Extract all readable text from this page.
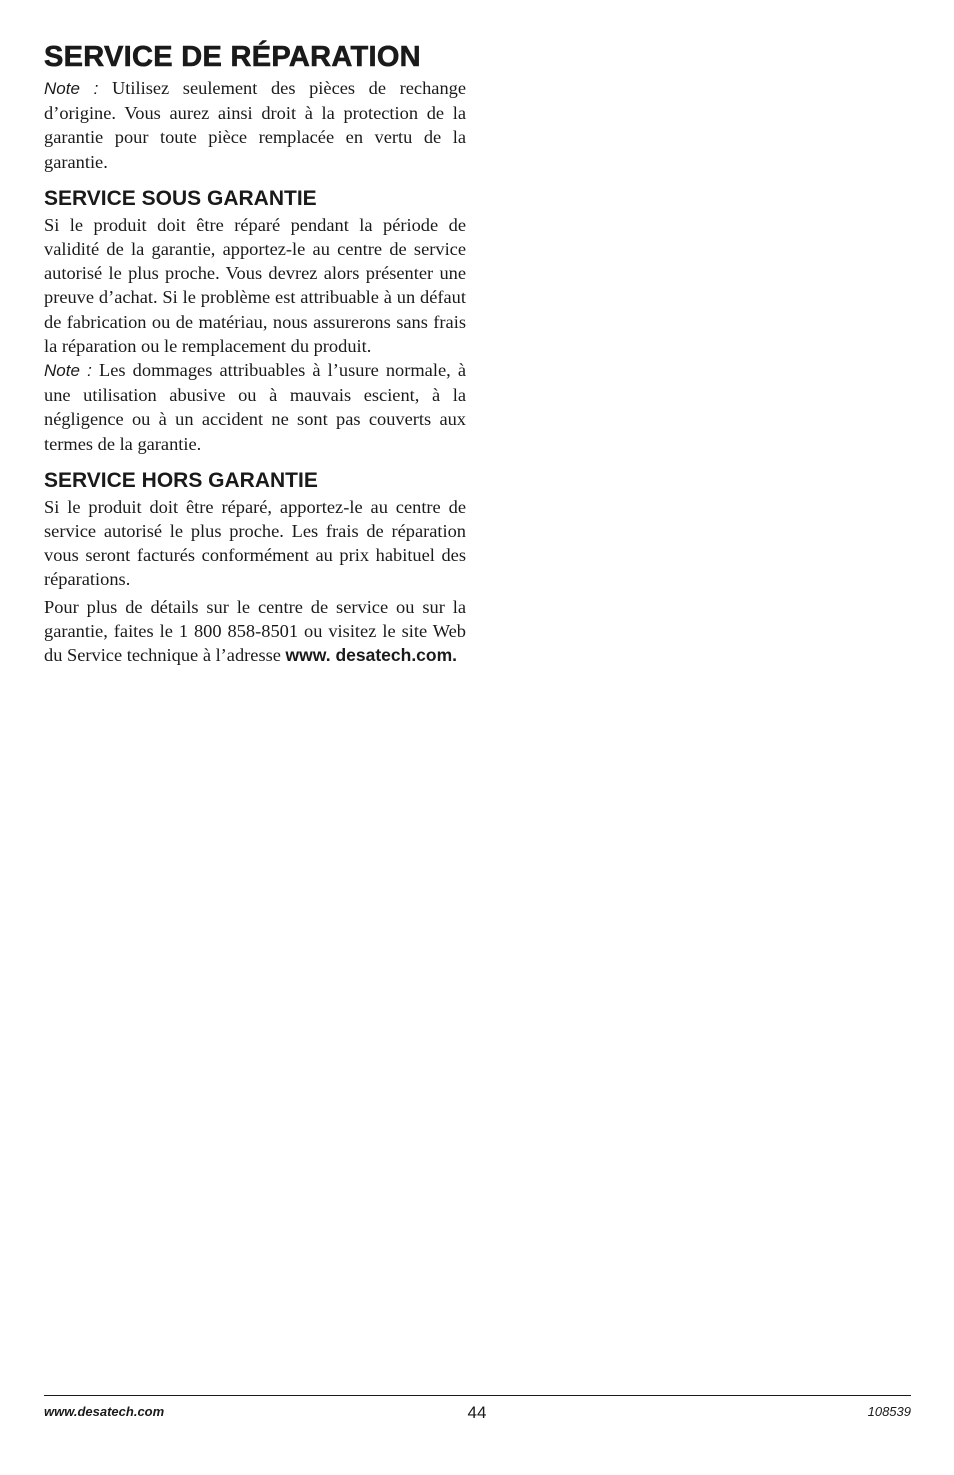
SERVICE DE RÉPARATION

Note : Utilisez seulement des pièces de rechange d’origine. Vous aurez ainsi droit à la protection de la garantie pour toute pièce remplacée en vertu de la garantie.

SERVICE SOUS GARANTIE

Si le produit doit être réparé pendant la période de validité de la garantie, apportez-le au centre de service autorisé le plus proche. Vous devrez alors présenter une preuve d’achat. Si le problème est attribuable à un défaut de fabrication ou de matériau, nous assurerons sans frais la réparation ou le remplacement du produit.
Note : Les dommages attribuables à l’usure normale, à une utilisation abusive ou à mauvais escient, à la négligence ou à un accident ne sont pas couverts aux termes de la garantie.

SERVICE HORS GARANTIE

Si le produit doit être réparé, apportez-le au centre de service autorisé le plus proche. Les frais de réparation vous seront facturés conformément au prix habituel des réparations.

Pour plus de détails sur le centre de service ou sur la garantie, faites le 1 800 858-8501 ou visitez le site Web du Service technique à l’adresse www. desatech.com.

www.desatech.com	44	108539
